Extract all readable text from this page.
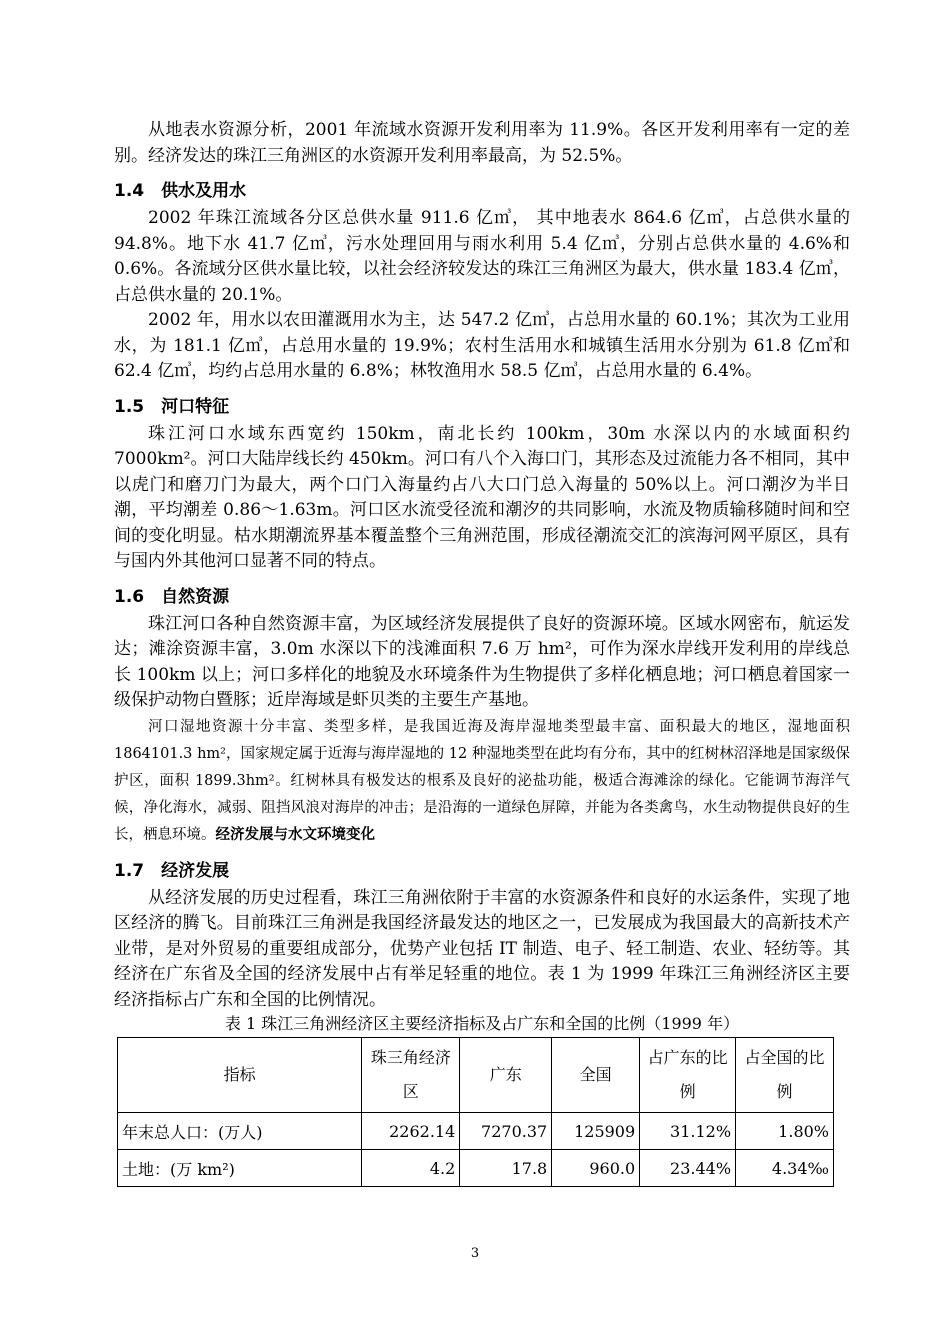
从地表水资源分析，2001 年流域水资源开发利用率为 11.9%。各区开发利用率有一定的差别。经济发达的珠江三角洲区的水资源开发利用率最高，为 52.5%。

1.4　供水及用水

2002 年珠江流域各分区总供水量 911.6 亿㎥， 其中地表水 864.6 亿㎥，占总供水量的 94.8%。地下水 41.7 亿㎥，污水处理回用与雨水利用 5.4 亿㎥，分别占总供水量的 4.6%和 0.6%。各流域分区供水量比较，以社会经济较发达的珠江三角洲区为最大，供水量 183.4 亿㎥，占总供水量的 20.1%。

2002 年，用水以农田灌溉用水为主，达 547.2 亿㎥，占总用水量的 60.1%；其次为工业用水，为 181.1 亿㎥，占总用水量的 19.9%；农村生活用水和城镇生活用水分别为 61.8 亿㎥和 62.4 亿㎥，均约占总用水量的 6.8%；林牧渔用水 58.5 亿㎥，占总用水量的 6.4%。

1.5　河口特征

珠江河口水域东西宽约 150km，南北长约 100km，30m 水深以内的水域面积约 7000km²。河口大陆岸线长约 450km。河口有八个入海口门，其形态及过流能力各不相同，其中以虎门和磨刀门为最大，两个口门入海量约占八大口门总入海量的 50%以上。河口潮汐为半日潮，平均潮差 0.86～1.63m。河口区水流受径流和潮汐的共同影响，水流及物质输移随时间和空间的变化明显。枯水期潮流界基本覆盖整个三角洲范围，形成径潮流交汇的滨海河网平原区，具有与国内外其他河口显著不同的特点。

1.6　自然资源

珠江河口各种自然资源丰富，为区域经济发展提供了良好的资源环境。区域水网密布，航运发达；滩涂资源丰富，3.0m 水深以下的浅滩面积 7.6 万 hm²，可作为深水岸线开发利用的岸线总长 100km 以上；河口多样化的地貌及水环境条件为生物提供了多样化栖息地；河口栖息着国家一级保护动物白暨豚；近岸海域是虾贝类的主要生产基地。

河口湿地资源十分丰富、类型多样，是我国近海及海岸湿地类型最丰富、面积最大的地区，湿地面积 1864101.3 hm²，国家规定属于近海与海岸湿地的 12 种湿地类型在此均有分布，其中的红树林沼泽地是国家级保护区，面积 1899.3hm²。红树林具有极发达的根系及良好的泌盐功能，极适合海滩涂的绿化。它能调节海洋气候，净化海水，减弱、阻挡风浪对海岸的冲击；是沿海的一道绿色屏障，并能为各类禽鸟，水生动物提供良好的生长，栖息环境。经济发展与水文环境变化

1.7　经济发展

从经济发展的历史过程看，珠江三角洲依附于丰富的水资源条件和良好的水运条件，实现了地区经济的腾飞。目前珠江三角洲是我国经济最发达的地区之一，已发展成为我国最大的高新技术产业带，是对外贸易的重要组成部分，优势产业包括 IT 制造、电子、轻工制造、农业、轻纺等。其经济在广东省及全国的经济发展中占有举足轻重的地位。表 1 为 1999 年珠江三角洲经济区主要经济指标占广东和全国的比例情况。

表 1 珠江三角洲经济区主要经济指标及占广东和全国的比例（1999 年）

指标	珠三角经济区	广东	全国	占广东的比例	占全国的比例
年末总人口：(万人)	2262.14	7270.37	125909	31.12%	1.80%
土地：(万 km²)	4.2	17.8	960.0	23.44%	4.34‰
3
